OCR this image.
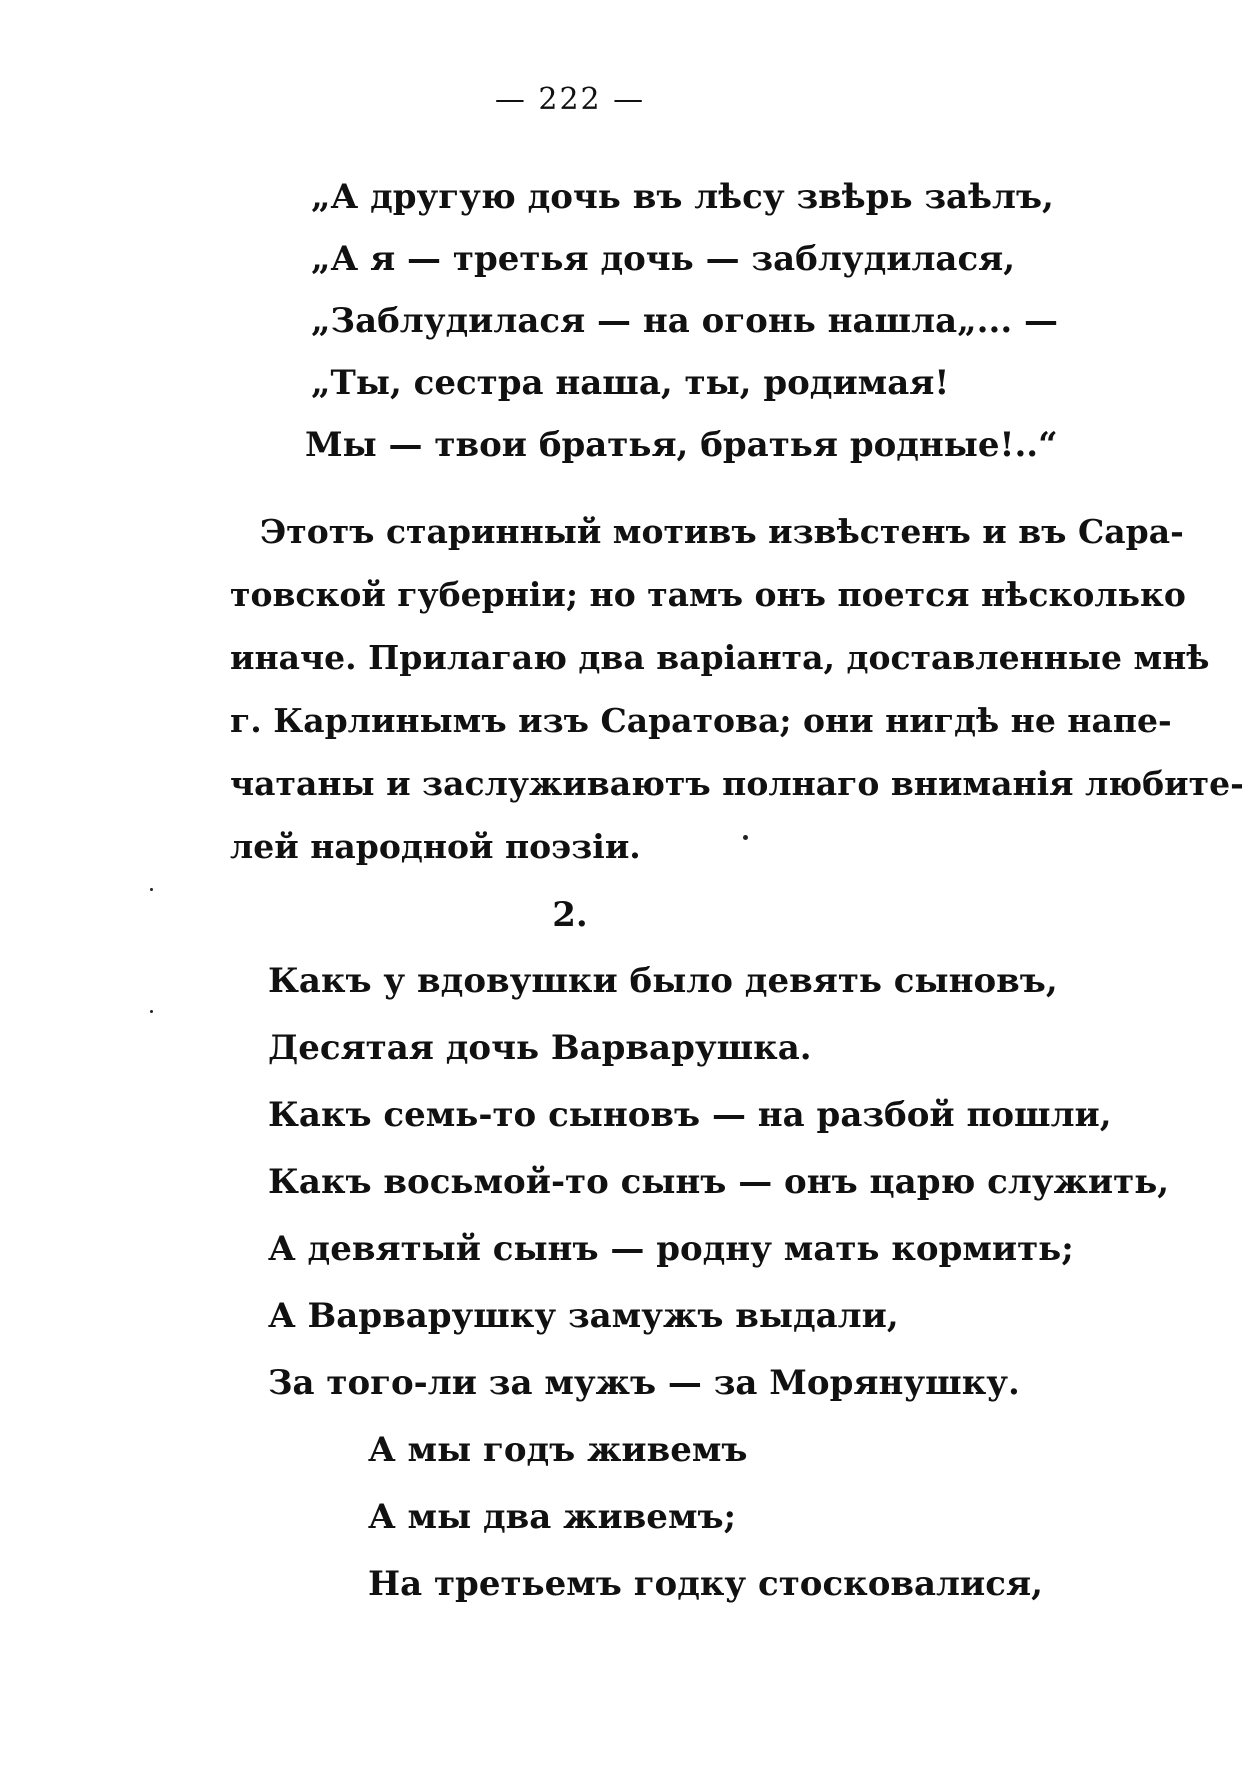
— 222 —
„А другую дочь въ лѣсу звѣрь заѣлъ,
„А я — третья дочь — заблудилася,
„Заблудилася — на огонь нашла„... —
„Ты, сестра наша, ты, родимая!
Мы — твои братья, братья родные!..“
Этотъ старинный мотивъ извѣстенъ и въ Сара-
товской губерніи; но тамъ онъ поется нѣсколько
иначе. Прилагаю два варіанта, доставленные мнѣ
г. Карлинымъ изъ Саратова; они нигдѣ не напе-
чатаны и заслуживаютъ полнаго вниманія любите-
лей народной поэзіи.
2.
Какъ у вдовушки было девять сыновъ,
Десятая дочь Варварушка.
Какъ семь-то сыновъ — на разбой пошли,
Какъ восьмой-то сынъ — онъ царю служить,
А девятый сынъ — родну мать кормить;
А Варварушку замужъ выдали,
За того-ли за мужъ — за Морянушку.
А мы годъ живемъ
А мы два живемъ;
На третьемъ годку стосковалися,
